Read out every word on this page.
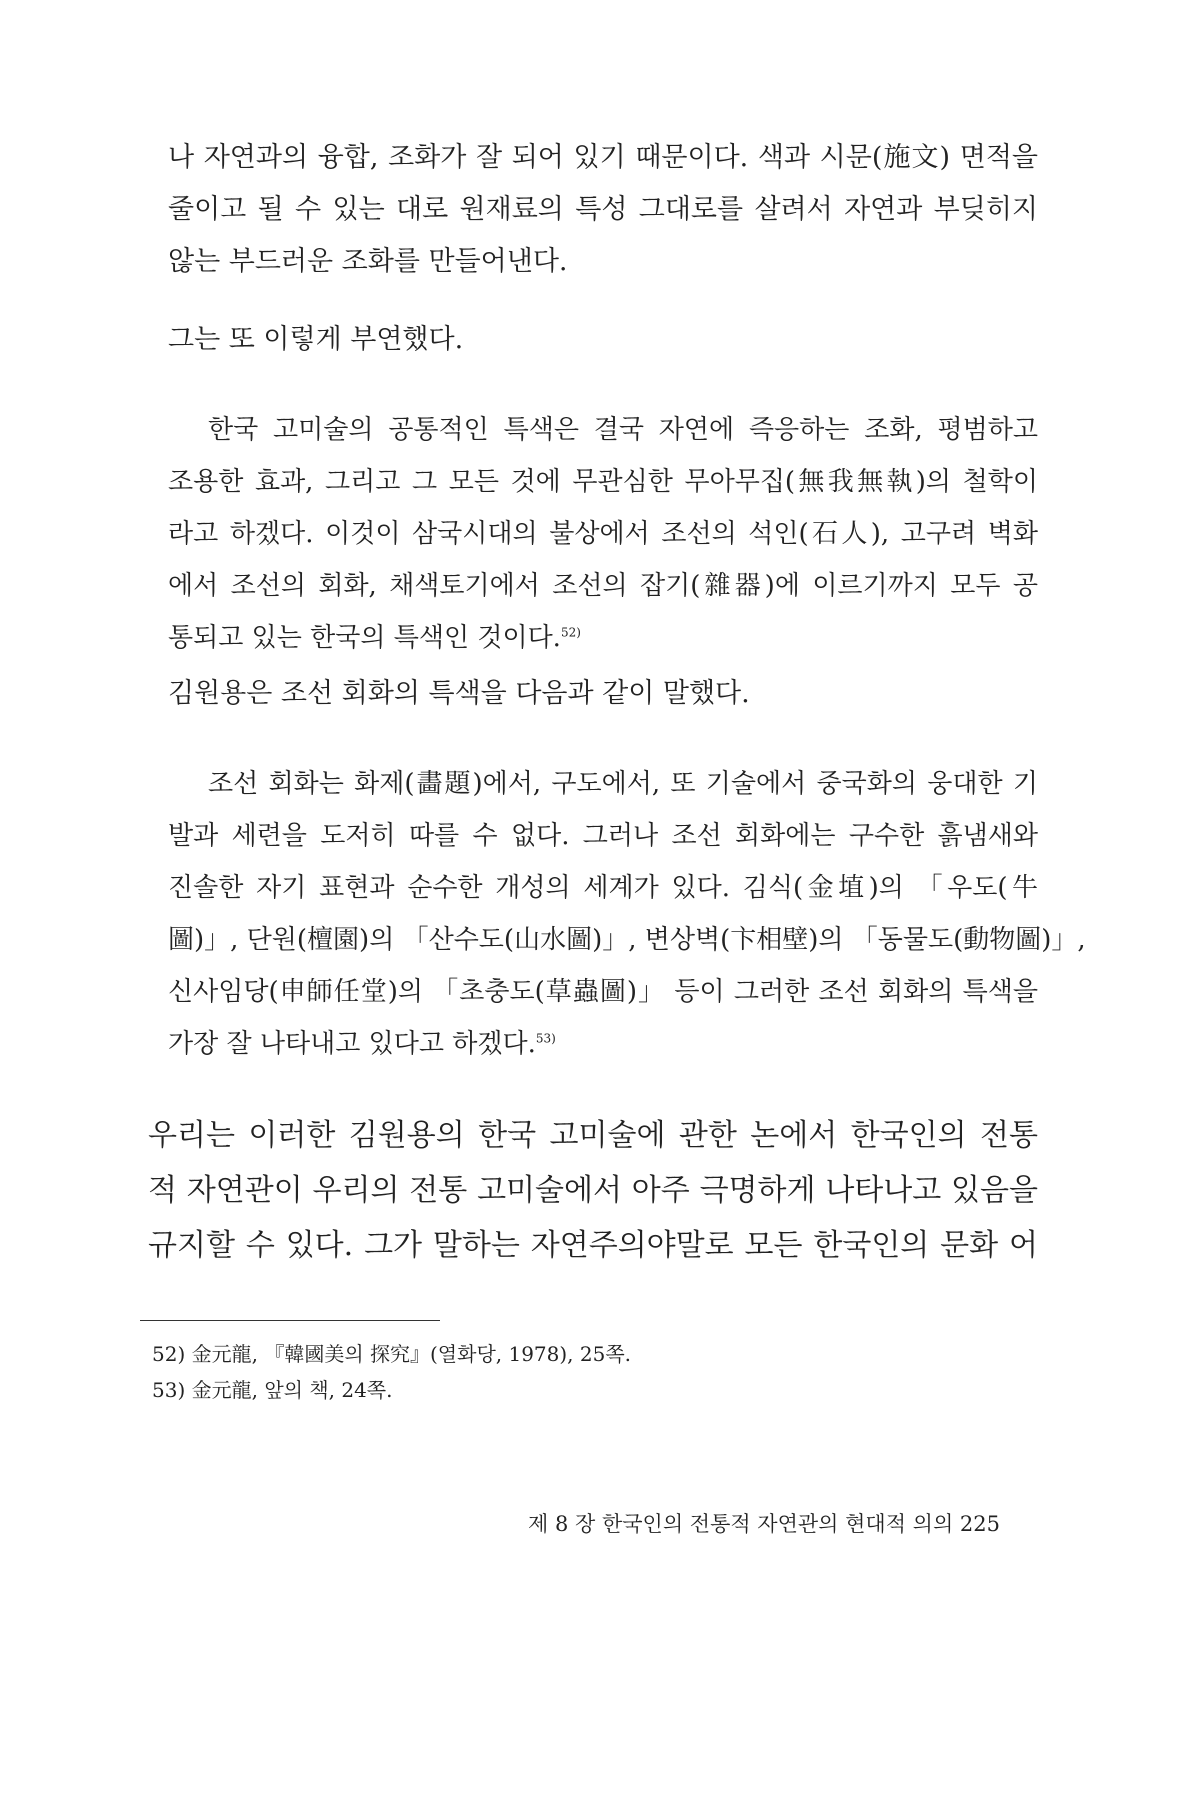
나 자연과의 융합, 조화가 잘 되어 있기 때문이다. 색과 시문(施文) 면적을
줄이고 될 수 있는 대로 원재료의 특성 그대로를 살려서 자연과 부딪히지
않는 부드러운 조화를 만들어낸다.
그는 또 이렇게 부연했다.
한국 고미술의 공통적인 특색은 결국 자연에 즉응하는 조화, 평범하고
조용한 효과, 그리고 그 모든 것에 무관심한 무아무집(無我無執)의 철학이
라고 하겠다. 이것이 삼국시대의 불상에서 조선의 석인(石人), 고구려 벽화
에서 조선의 회화, 채색토기에서 조선의 잡기(雜器)에 이르기까지 모두 공
통되고 있는 한국의 특색인 것이다.$^{52)}$
김원용은 조선 회화의 특색을 다음과 같이 말했다.
조선 회화는 화제(畵題)에서, 구도에서, 또 기술에서 중국화의 웅대한 기
발과 세련을 도저히 따를 수 없다. 그러나 조선 회화에는 구수한 흙냄새와
진솔한 자기 표현과 순수한 개성의 세계가 있다. 김식(金埴)의 「우도(牛
圖)」, 단원(檀園)의 「산수도(山水圖)」, 변상벽(卞相壁)의 「동물도(動物圖)」,
신사임당(申師任堂)의 「초충도(草蟲圖)」 등이 그러한 조선 회화의 특색을
가장 잘 나타내고 있다고 하겠다.$^{53)}$
우리는 이러한 김원용의 한국 고미술에 관한 논에서 한국인의 전통
적 자연관이 우리의 전통 고미술에서 아주 극명하게 나타나고 있음을
규지할 수 있다. 그가 말하는 자연주의야말로 모든 한국인의 문화 어
52) 金元龍, 『韓國美의 探究』(열화당, 1978), 25쪽.
53) 金元龍, 앞의 책, 24쪽.
제 8 장 한국인의 전통적 자연관의 현대적 의의 225
